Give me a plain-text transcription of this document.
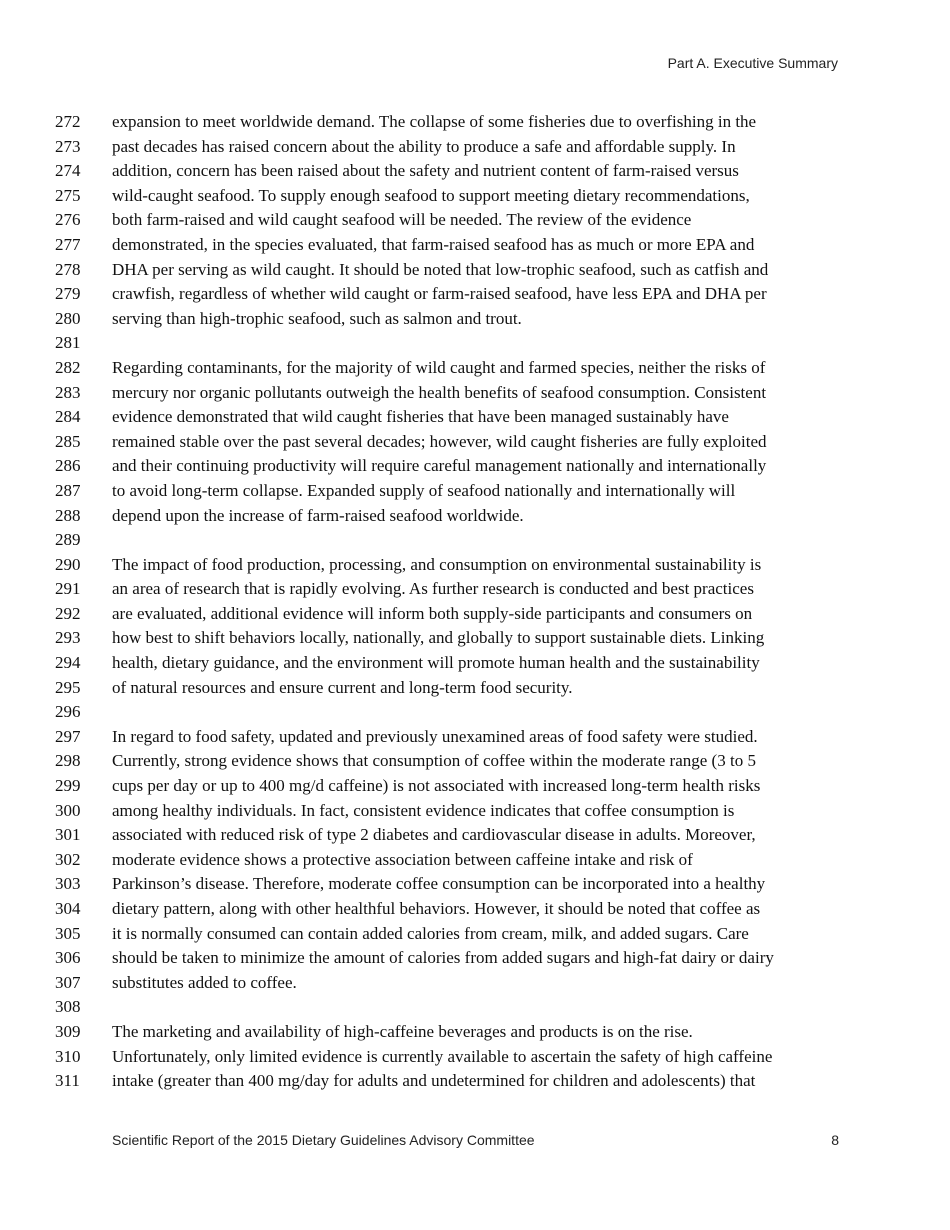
Part A. Executive Summary
272	expansion to meet worldwide demand. The collapse of some fisheries due to overfishing in the
273	past decades has raised concern about the ability to produce a safe and affordable supply. In
274	addition, concern has been raised about the safety and nutrient content of farm-raised versus
275	wild-caught seafood. To supply enough seafood to support meeting dietary recommendations,
276	both farm-raised and wild caught seafood will be needed. The review of the evidence
277	demonstrated, in the species evaluated, that farm-raised seafood has as much or more EPA and
278	DHA per serving as wild caught. It should be noted that low-trophic seafood, such as catfish and
279	crawfish, regardless of whether wild caught or farm-raised seafood, have less EPA and DHA per
280	serving than high-trophic seafood, such as salmon and trout.
281
282	Regarding contaminants, for the majority of wild caught and farmed species, neither the risks of
283	mercury nor organic pollutants outweigh the health benefits of seafood consumption. Consistent
284	evidence demonstrated that wild caught fisheries that have been managed sustainably have
285	remained stable over the past several decades; however, wild caught fisheries are fully exploited
286	and their continuing productivity will require careful management nationally and internationally
287	to avoid long-term collapse. Expanded supply of seafood nationally and internationally will
288	depend upon the increase of farm-raised seafood worldwide.
289
290	The impact of food production, processing, and consumption on environmental sustainability is
291	an area of research that is rapidly evolving. As further research is conducted and best practices
292	are evaluated, additional evidence will inform both supply-side participants and consumers on
293	how best to shift behaviors locally, nationally, and globally to support sustainable diets. Linking
294	health, dietary guidance, and the environment will promote human health and the sustainability
295	of natural resources and ensure current and long-term food security.
296
297	In regard to food safety, updated and previously unexamined areas of food safety were studied.
298	Currently, strong evidence shows that consumption of coffee within the moderate range (3 to 5
299	cups per day or up to 400 mg/d caffeine) is not associated with increased long-term health risks
300	among healthy individuals. In fact, consistent evidence indicates that coffee consumption is
301	associated with reduced risk of type 2 diabetes and cardiovascular disease in adults. Moreover,
302	moderate evidence shows a protective association between caffeine intake and risk of
303	Parkinson’s disease. Therefore, moderate coffee consumption can be incorporated into a healthy
304	dietary pattern, along with other healthful behaviors. However, it should be noted that coffee as
305	it is normally consumed can contain added calories from cream, milk, and added sugars. Care
306	should be taken to minimize the amount of calories from added sugars and high-fat dairy or dairy
307	substitutes added to coffee.
308
309	The marketing and availability of high-caffeine beverages and products is on the rise.
310	Unfortunately, only limited evidence is currently available to ascertain the safety of high caffeine
311	intake (greater than 400 mg/day for adults and undetermined for children and adolescents) that
Scientific Report of the 2015 Dietary Guidelines Advisory Committee	8
